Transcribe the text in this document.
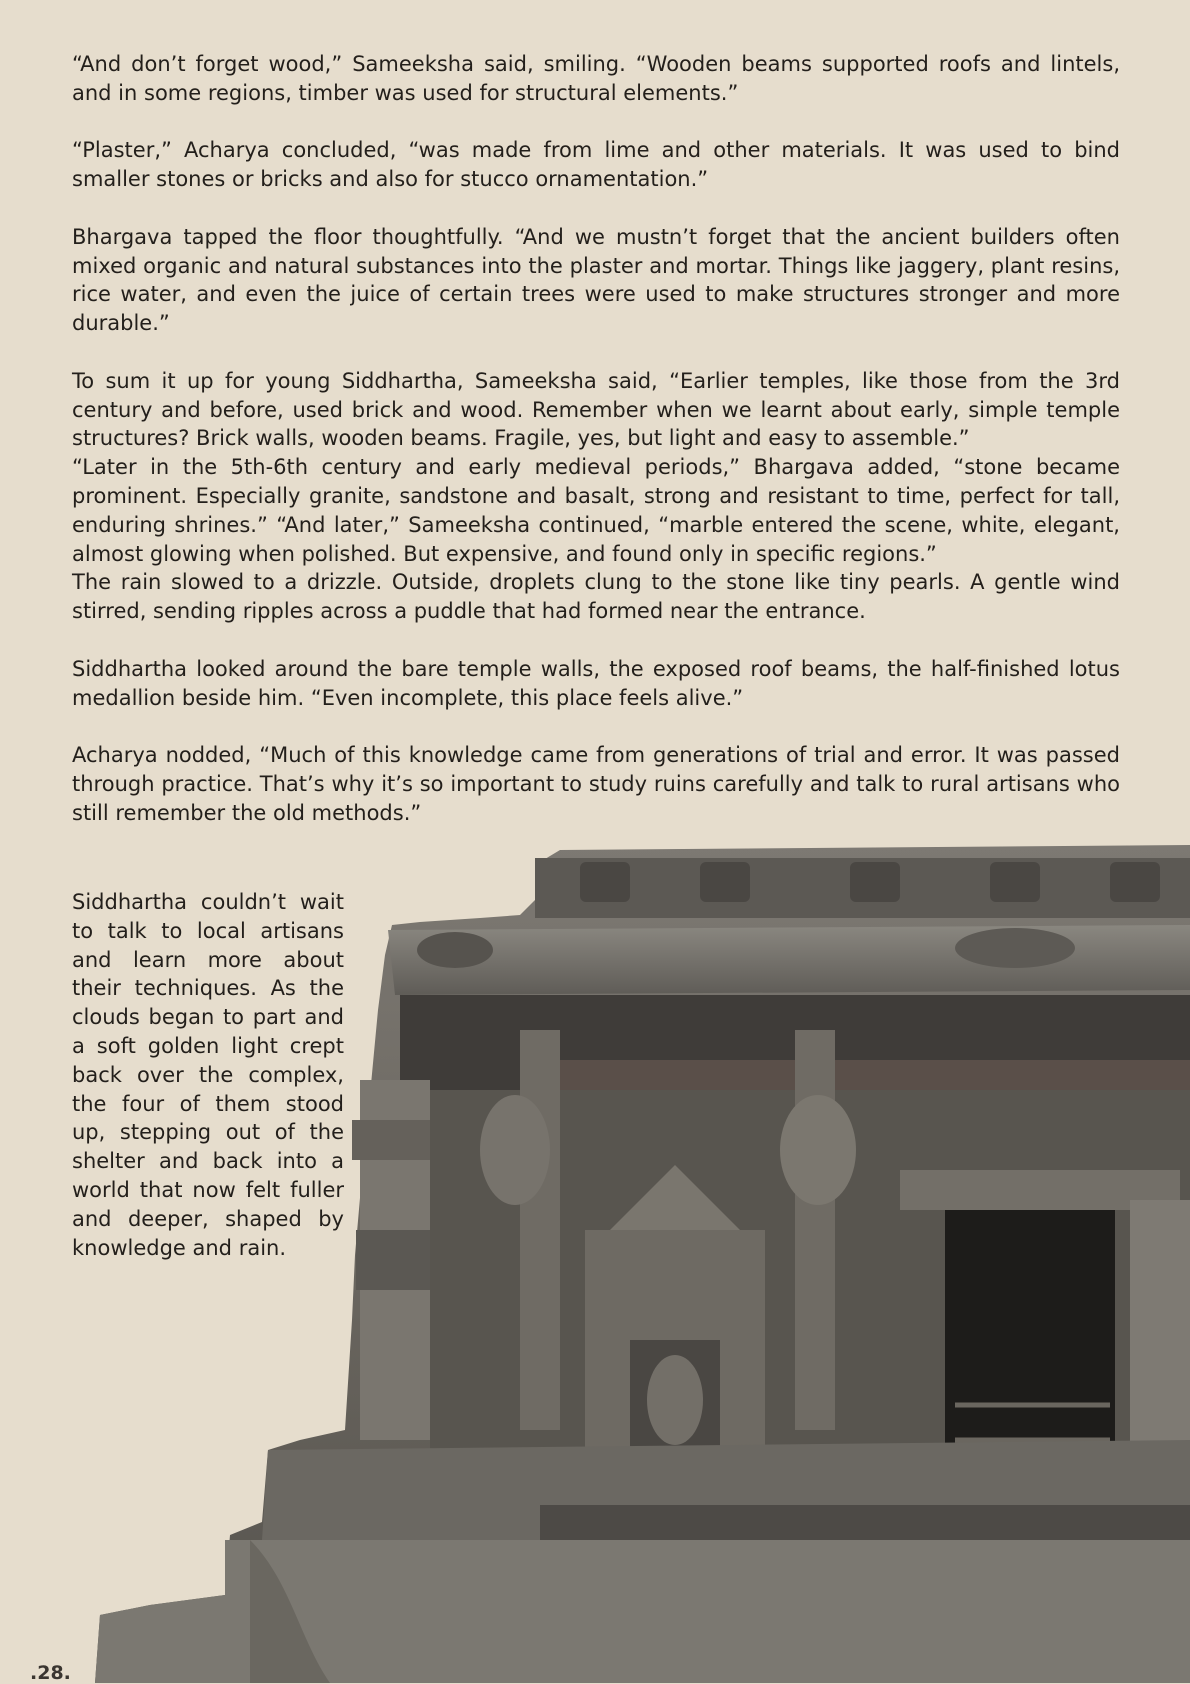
“And don’t forget wood,” Sameeksha said, smiling. “Wooden beams supported roofs and lintels, and in some regions, timber was used for structural elements.”

“Plaster,” Acharya concluded, “was made from lime and other materials. It was used to bind smaller stones or bricks and also for stucco ornamentation.”

Bhargava tapped the floor thoughtfully. “And we mustn’t forget that the ancient builders often mixed organic and natural substances into the plaster and mortar. Things like jaggery, plant resins, rice water, and even the juice of certain trees were used to make structures stronger and more durable.”

To sum it up for young Siddhartha, Sameeksha said, “Earlier temples, like those from the 3rd century and before, used brick and wood. Remember when we learnt about early, simple temple structures? Brick walls, wooden beams. Fragile, yes, but light and easy to assemble.”

“Later in the 5th-6th century and early medieval periods,” Bhargava added, “stone became prominent. Especially granite, sandstone and basalt, strong and resistant to time, perfect for tall, enduring shrines.” “And later,” Sameeksha continued, “marble entered the scene, white, elegant, almost glowing when polished. But expensive, and found only in specific regions.”

The rain slowed to a drizzle. Outside, droplets clung to the stone like tiny pearls. A gentle wind stirred, sending ripples across a puddle that had formed near the entrance.

Siddhartha looked around the bare temple walls, the exposed roof beams, the half-finished lotus medallion beside him. “Even incomplete, this place feels alive.”

Acharya nodded, “Much of this knowledge came from generations of trial and error. It was passed through practice. That’s why it’s so important to study ruins carefully and talk to rural artisans who still remember the old methods.”

Siddhartha couldn’t wait to talk to local artisans and learn more about their techniques. As the clouds began to part and a soft golden light crept back over the complex, the four of them stood up, stepping out of the shelter and back into a world that now felt fuller and deeper, shaped by knowledge and rain.

.28.
